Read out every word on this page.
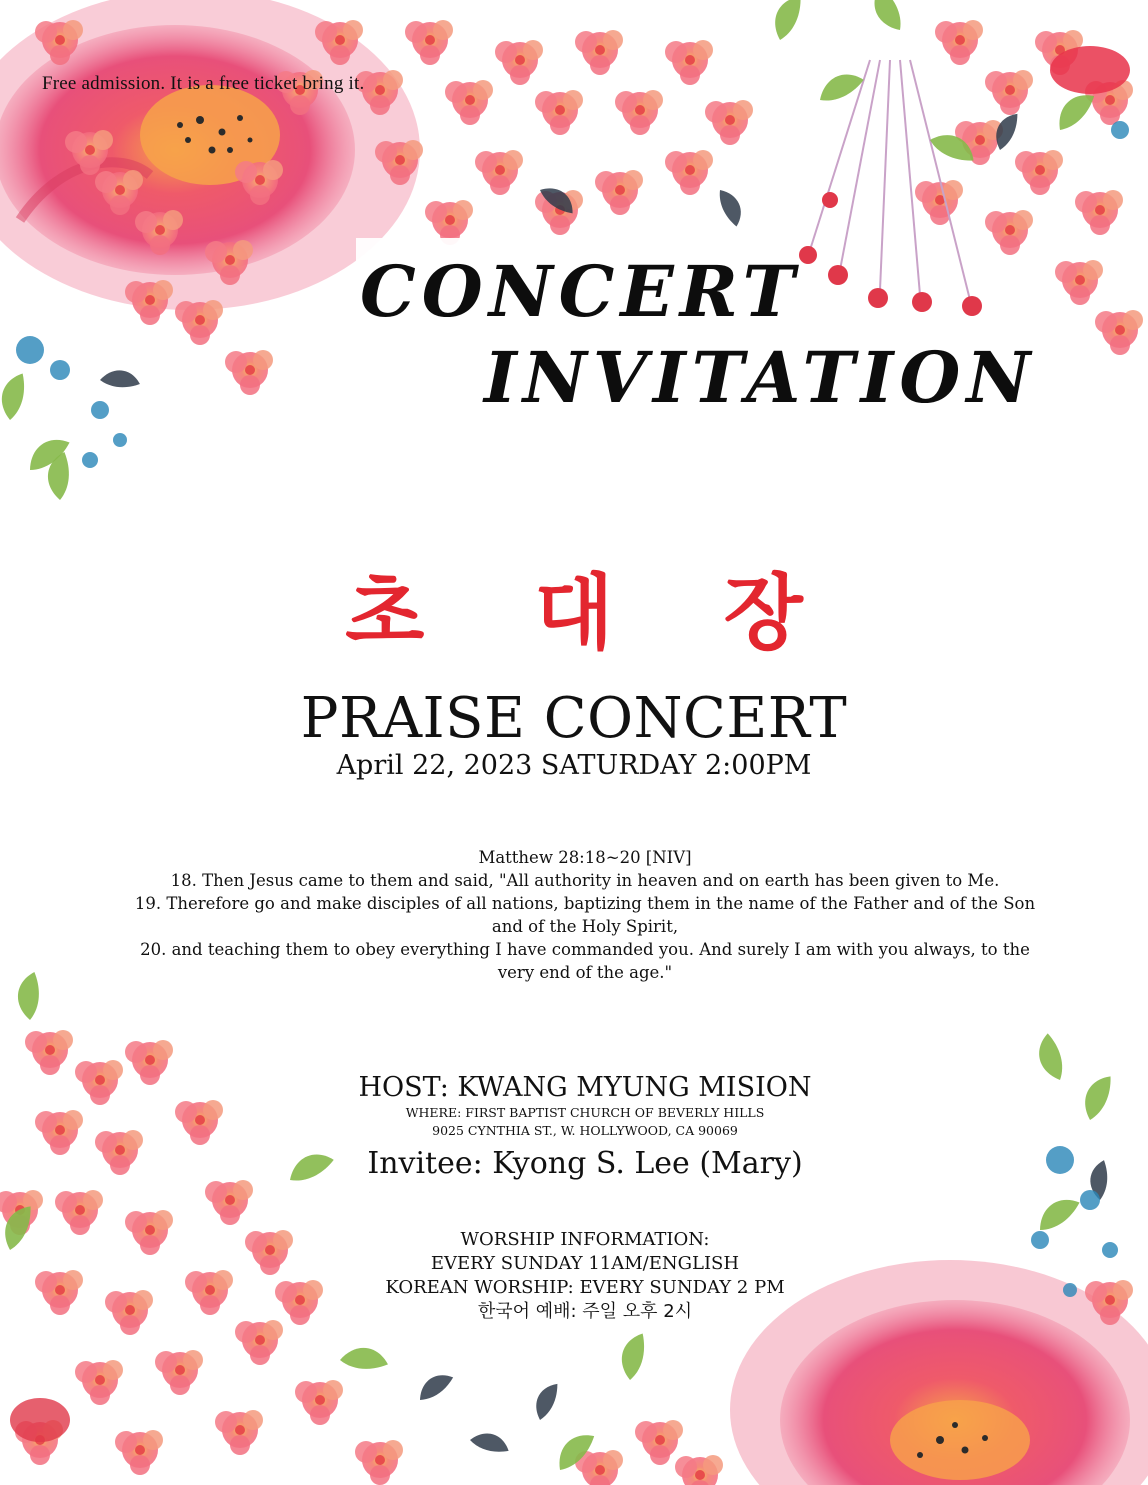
Free admission. It is a free ticket bring it.
CONCERT
INVITATION
초대장
PRAISE CONCERT
April 22, 2023 SATURDAY 2:00PM
Matthew 28:18~20 [NIV]
18. Then Jesus came to them and said, "All authority in heaven and on earth has been given to Me.
19. Therefore go and make disciples of all nations, baptizing them in the name of the Father and of the Son
and of the Holy Spirit,
20. and teaching them to obey everything I have commanded you. And surely I am with you always, to the
very end of the age."
HOST: KWANG MYUNG MISION
WHERE: FIRST BAPTIST CHURCH OF BEVERLY HILLS
9025 CYNTHIA ST., W. HOLLYWOOD, CA 90069
Invitee: Kyong S. Lee (Mary)
WORSHIP INFORMATION:
EVERY SUNDAY 11AM/ENGLISH
KOREAN WORSHIP: EVERY SUNDAY 2 PM
한국어 예배: 주일 오후 2시
